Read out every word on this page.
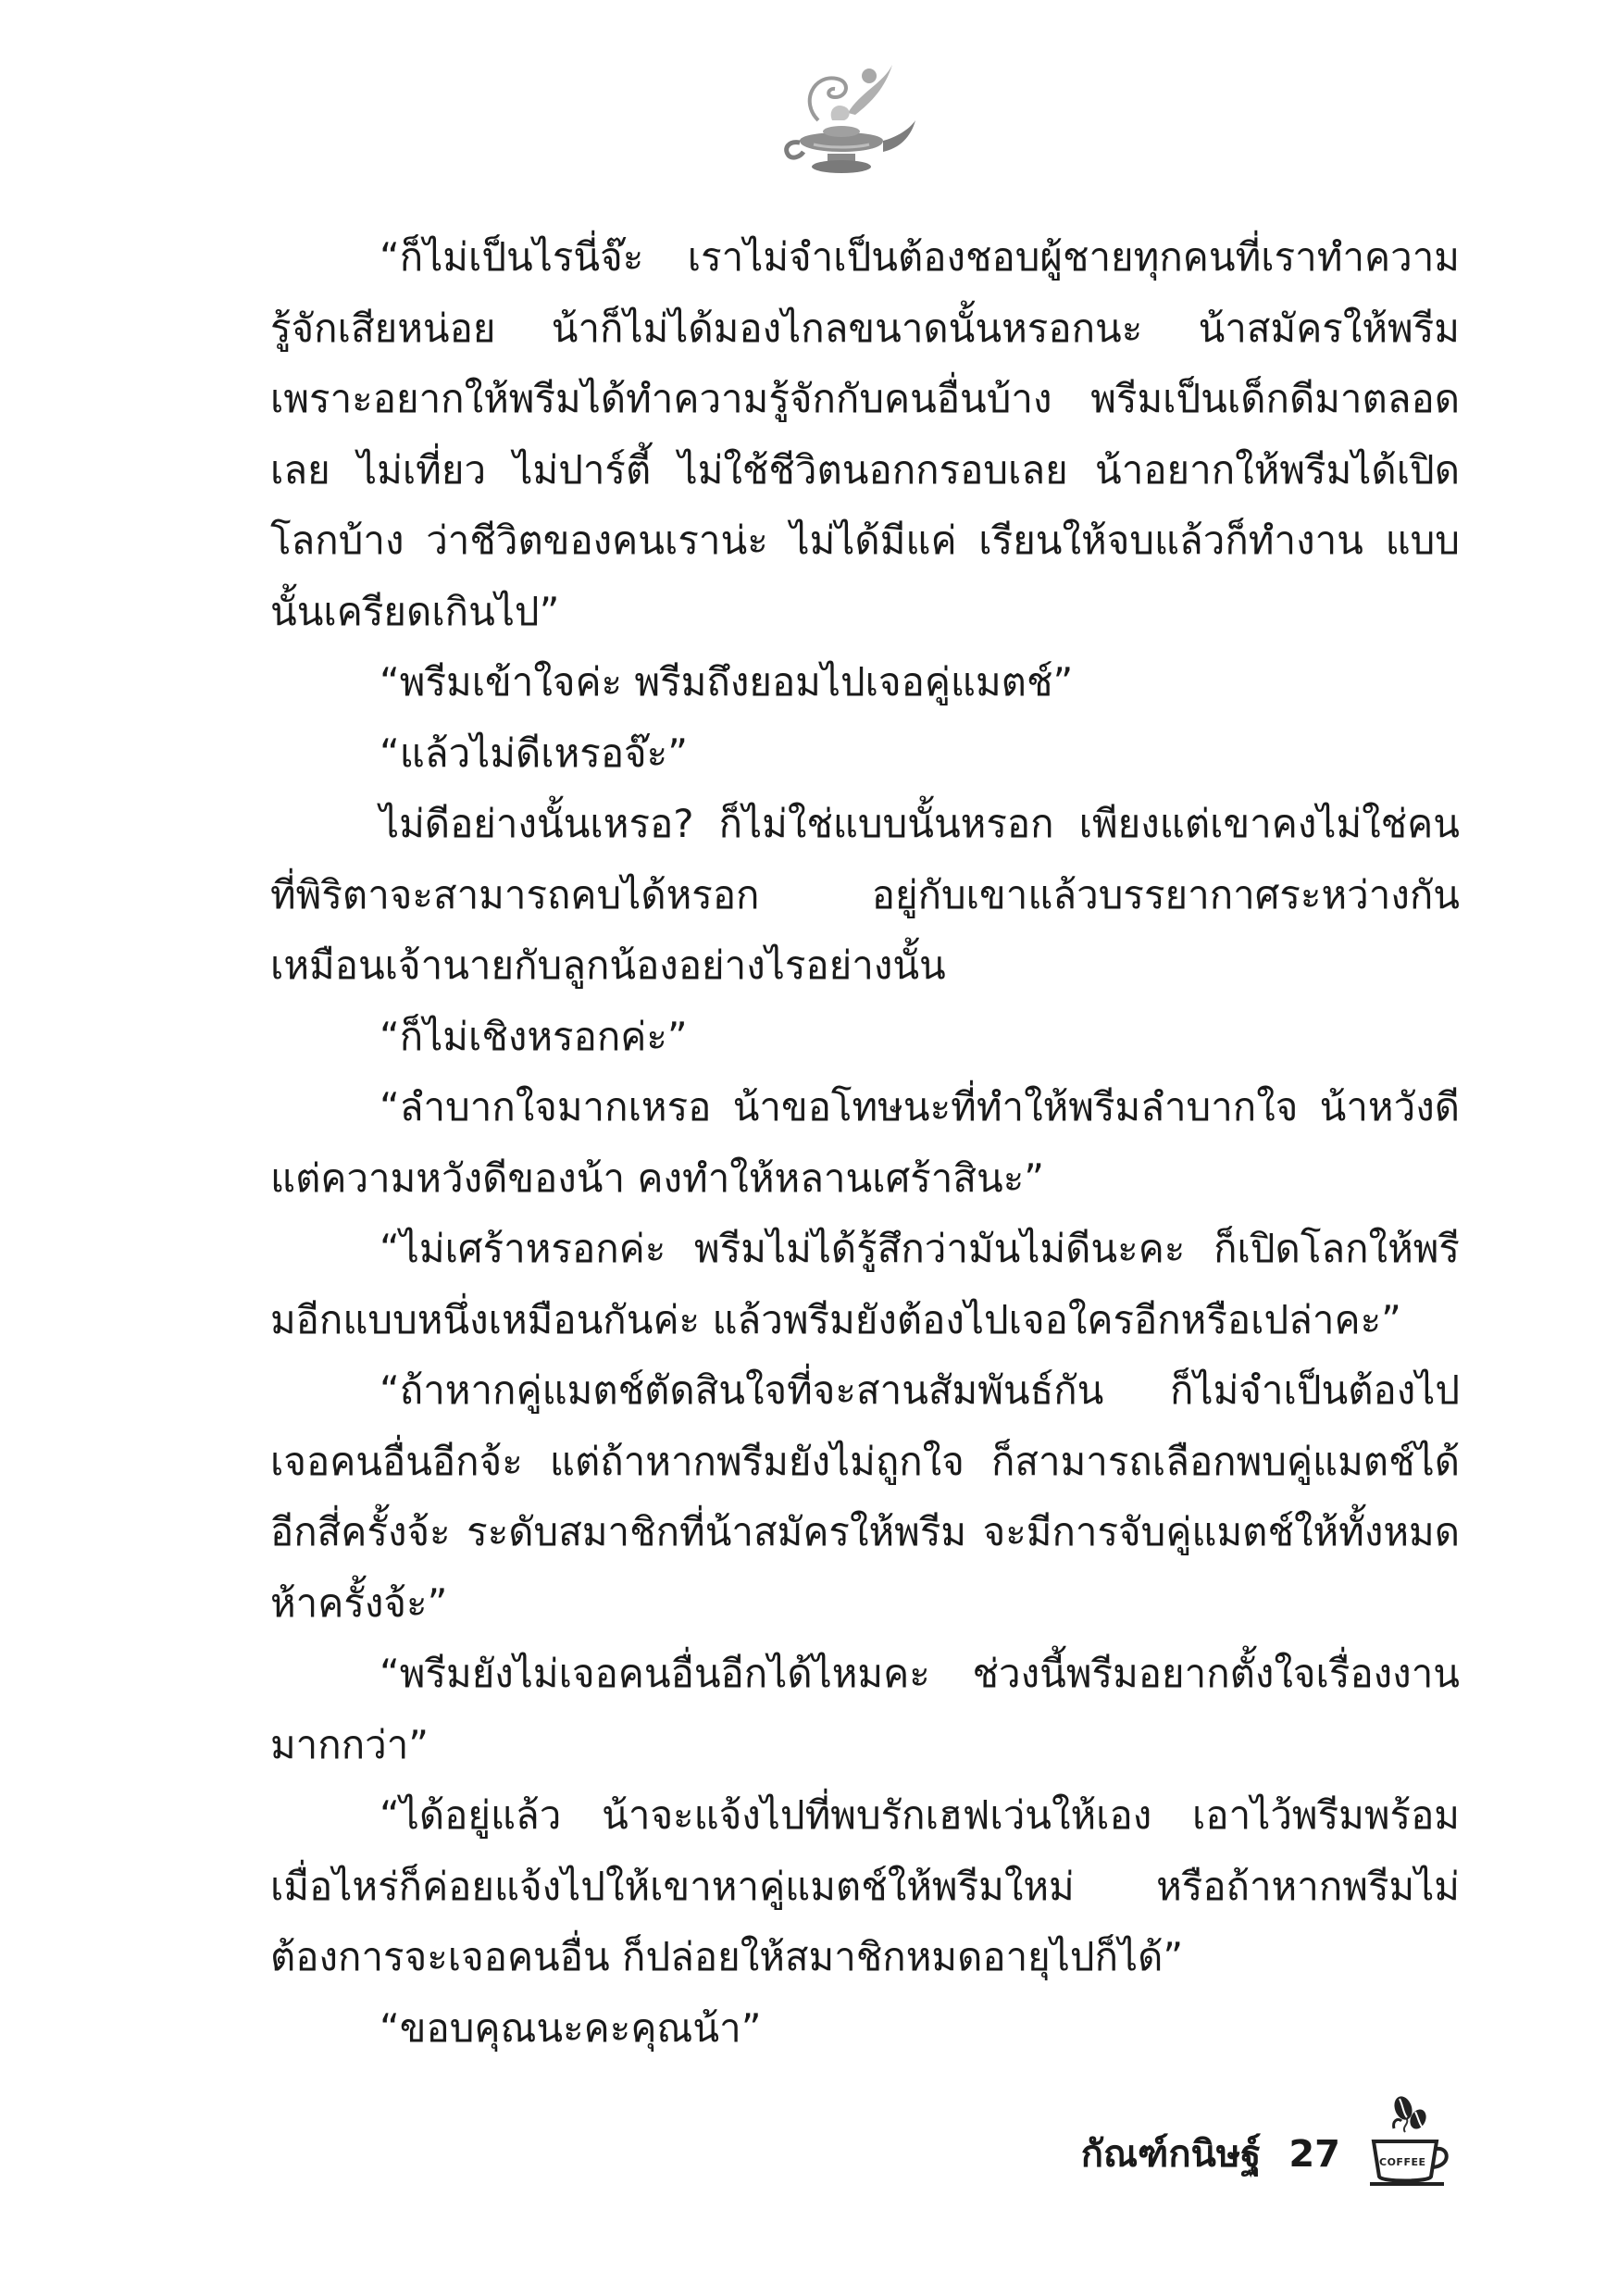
“ก็ไม่เป็นไรนี่จ๊ะ เราไม่จำเป็นต้องชอบผู้ชายทุกคนที่เราทำความรู้จักเสียหน่อย น้าก็ไม่ได้มองไกลขนาดนั้นหรอกนะ น้าสมัครให้พรีมเพราะอยากให้พรีมได้ทำความรู้จักกับคนอื่นบ้าง พรีมเป็นเด็กดีมาตลอดเลย ไม่เที่ยว ไม่ปาร์ตี้ ไม่ใช้ชีวิตนอกกรอบเลย น้าอยากให้พรีมได้เปิดโลกบ้าง ว่าชีวิตของคนเราน่ะ ไม่ได้มีแค่ เรียนให้จบแล้วก็ทำงาน แบบนั้นเครียดเกินไป”

“พรีมเข้าใจค่ะ พรีมถึงยอมไปเจอคู่แมตช์”

“แล้วไม่ดีเหรอจ๊ะ”

ไม่ดีอย่างนั้นเหรอ? ก็ไม่ใช่แบบนั้นหรอก เพียงแต่เขาคงไม่ใช่คนที่พิริตาจะสามารถคบได้หรอก อยู่กับเขาแล้วบรรยากาศระหว่างกันเหมือนเจ้านายกับลูกน้องอย่างไรอย่างนั้น

“ก็ไม่เชิงหรอกค่ะ”

“ลำบากใจมากเหรอ น้าขอโทษนะที่ทำให้พรีมลำบากใจ น้าหวังดี แต่ความหวังดีของน้า คงทำให้หลานเศร้าสินะ”

“ไม่เศร้าหรอกค่ะ พรีมไม่ได้รู้สึกว่ามันไม่ดีนะคะ ก็เปิดโลกให้พรีมอีกแบบหนึ่งเหมือนกันค่ะ แล้วพรีมยังต้องไปเจอใครอีกหรือเปล่าคะ”

“ถ้าหากคู่แมตช์ตัดสินใจที่จะสานสัมพันธ์กัน ก็ไม่จำเป็นต้องไปเจอคนอื่นอีกจ้ะ แต่ถ้าหากพรีมยังไม่ถูกใจ ก็สามารถเลือกพบคู่แมตช์ได้อีกสี่ครั้งจ้ะ ระดับสมาชิกที่น้าสมัครให้พรีม จะมีการจับคู่แมตช์ให้ทั้งหมดห้าครั้งจ้ะ”

“พรีมยังไม่เจอคนอื่นอีกได้ไหมคะ ช่วงนี้พรีมอยากตั้งใจเรื่องงานมากกว่า”

“ได้อยู่แล้ว น้าจะแจ้งไปที่พบรักเฮฟเว่นให้เอง เอาไว้พรีมพร้อมเมื่อไหร่ก็ค่อยแจ้งไปให้เขาหาคู่แมตช์ให้พรีมใหม่ หรือถ้าหากพรีมไม่ต้องการจะเจอคนอื่น ก็ปล่อยให้สมาชิกหมดอายุไปก็ได้”

“ขอบคุณนะคะคุณน้า”

กัณฑ์กนิษฐ์ 27	COFFEE
